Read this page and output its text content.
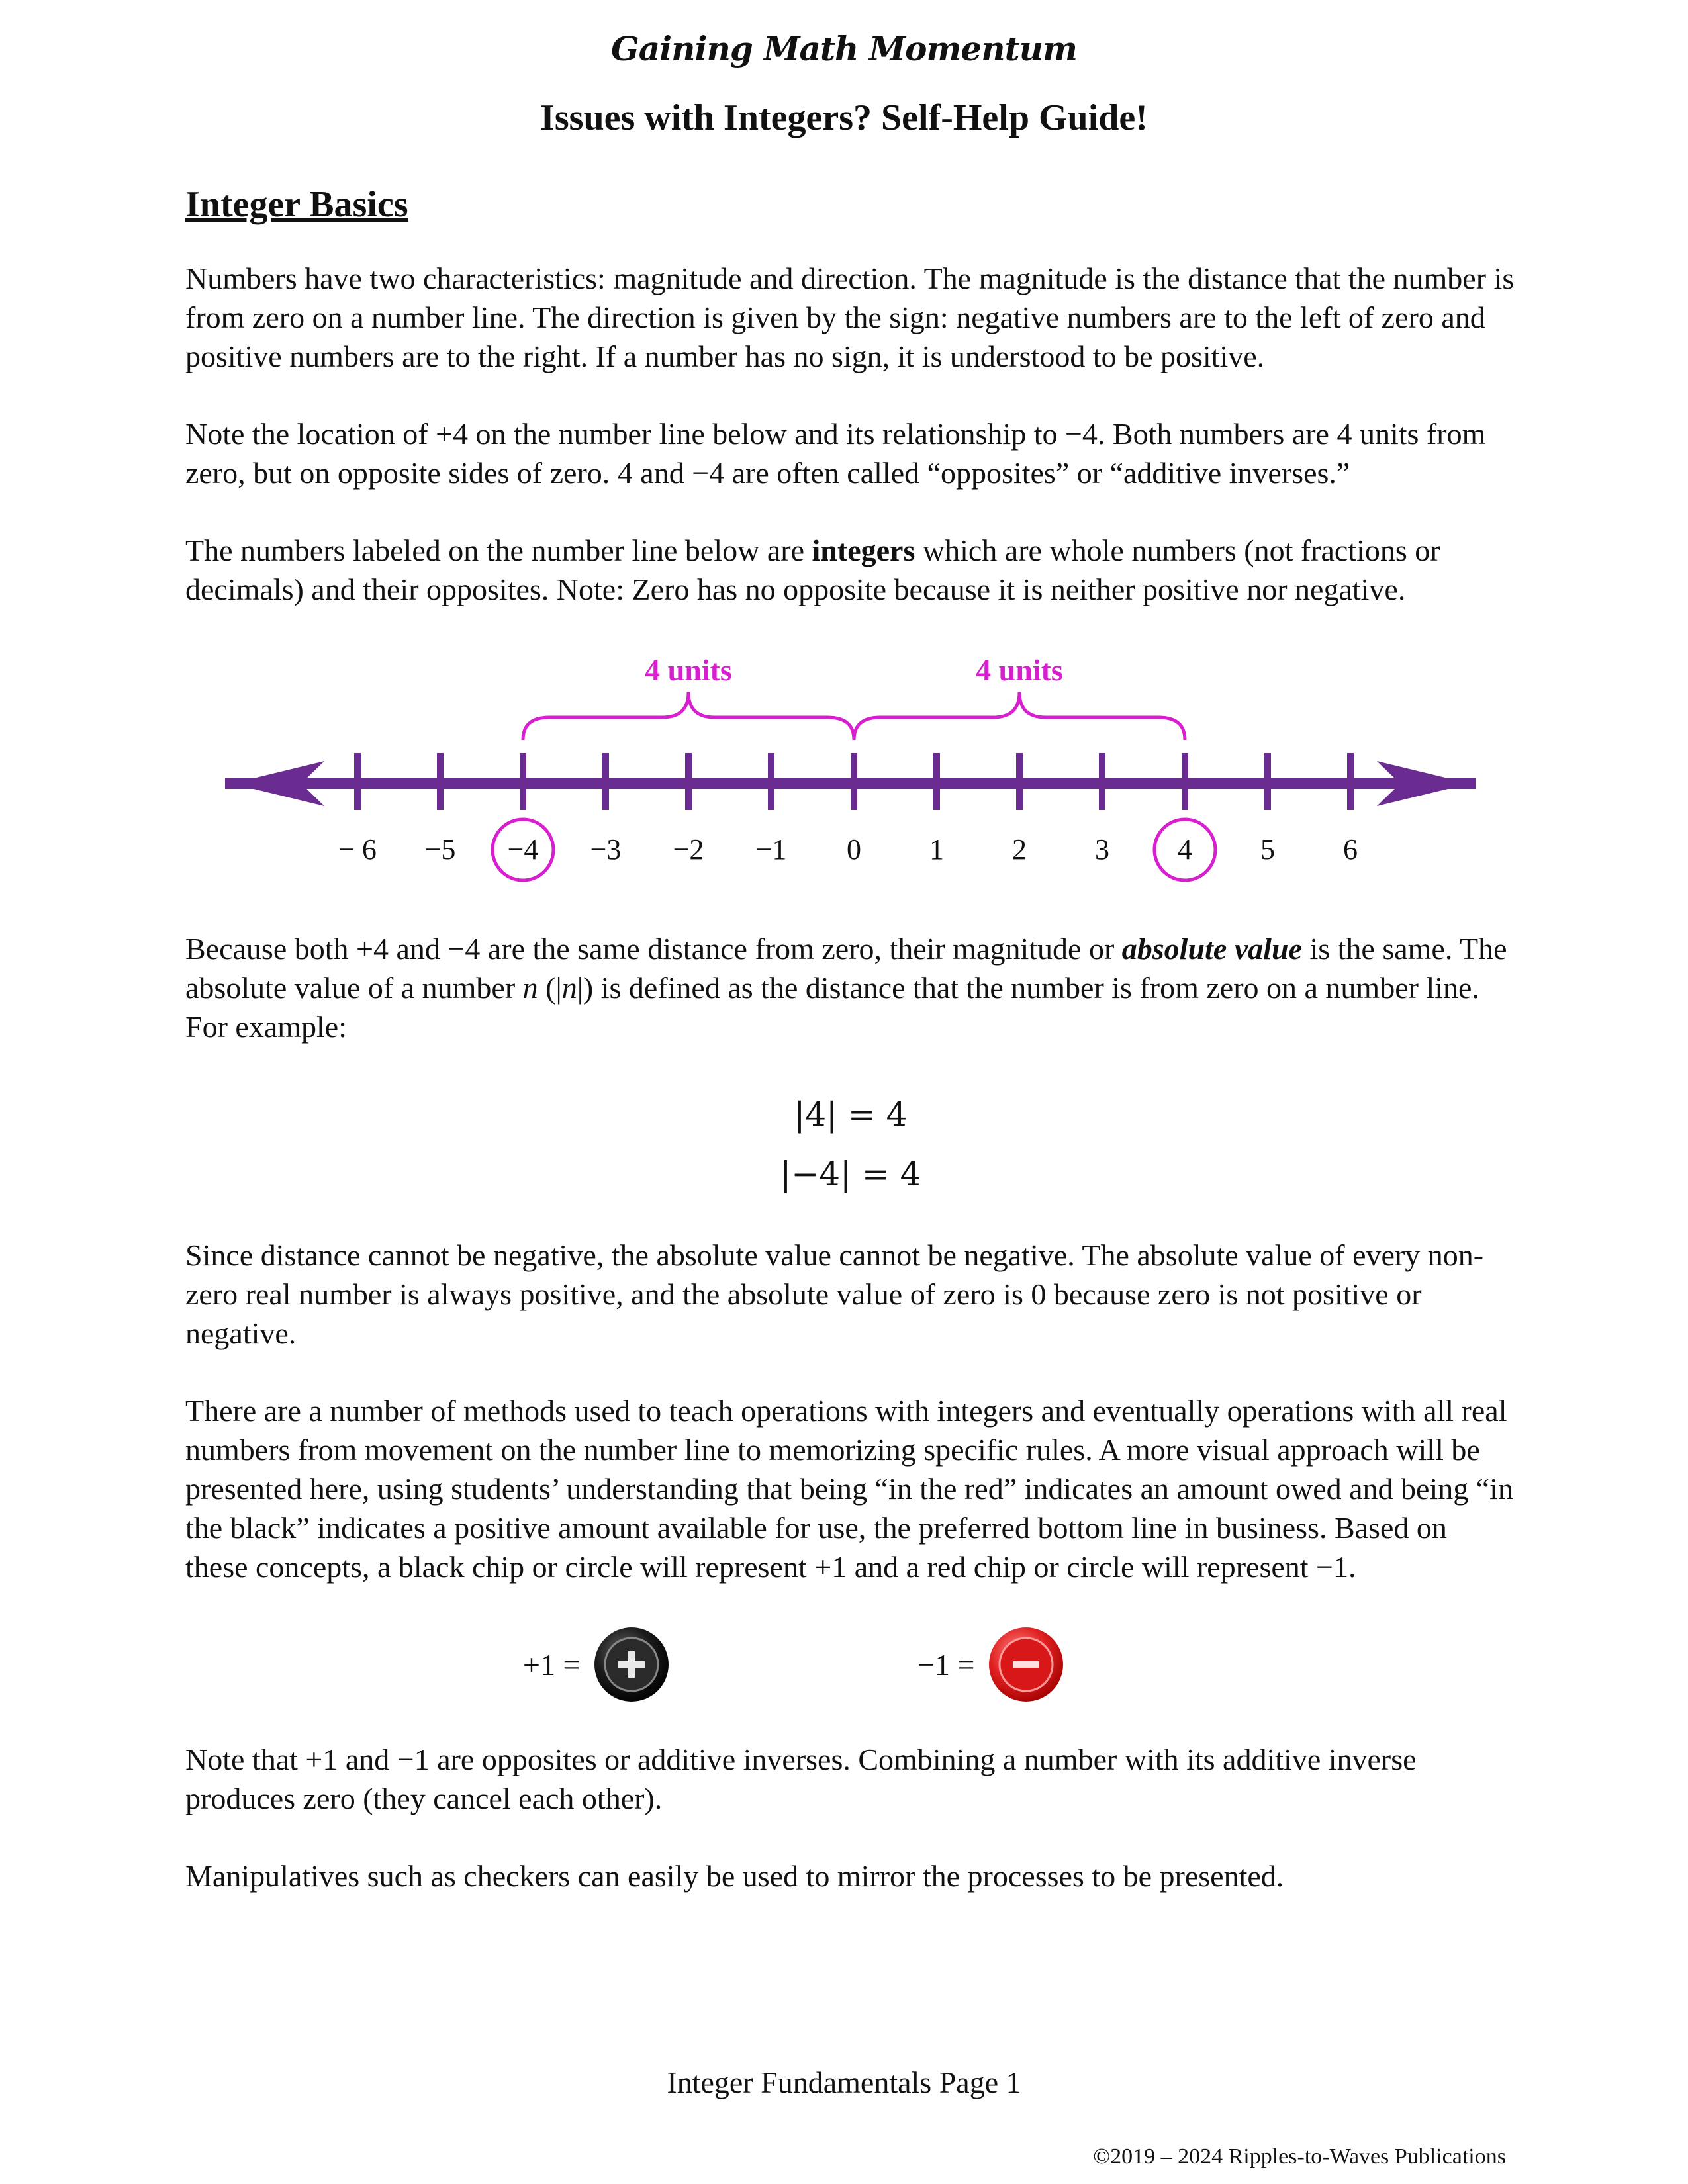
Gaining Math Momentum
Issues with Integers? Self-Help Guide!
Integer Basics

Numbers have two characteristics: magnitude and direction. The magnitude is the distance that the number is from zero on a number line. The direction is given by the sign: negative numbers are to the left of zero and positive numbers are to the right. If a number has no sign, it is understood to be positive.

Note the location of +4 on the number line below and its relationship to −4. Both numbers are 4 units from zero, but on opposite sides of zero. 4 and −4 are often called “opposites” or “additive inverses.”

The numbers labeled on the number line below are integers which are whole numbers (not fractions or decimals) and their opposites. Note: Zero has no opposite because it is neither positive nor negative.

− 6 −5 −4 −3 −2 −1 0 1 2 3 4 5 6
4 units	4 units

Because both +4 and −4 are the same distance from zero, their magnitude or absolute value is the same. The absolute value of a number n (|n|) is defined as the distance that the number is from zero on a number line. For example:

|4| = 4
|−4| = 4

Since distance cannot be negative, the absolute value cannot be negative. The absolute value of every non-zero real number is always positive, and the absolute value of zero is 0 because zero is not positive or negative.

There are a number of methods used to teach operations with integers and eventually operations with all real numbers from movement on the number line to memorizing specific rules. A more visual approach will be presented here, using students’ understanding that being “in the red” indicates an amount owed and being “in the black” indicates a positive amount available for use, the preferred bottom line in business. Based on these concepts, a black chip or circle will represent +1 and a red chip or circle will represent −1.

+1 =	−1 =

Note that +1 and −1 are opposites or additive inverses. Combining a number with its additive inverse produces zero (they cancel each other).

Manipulatives such as checkers can easily be used to mirror the processes to be presented.

Integer Fundamentals Page 1
©2019 – 2024 Ripples-to-Waves Publications
